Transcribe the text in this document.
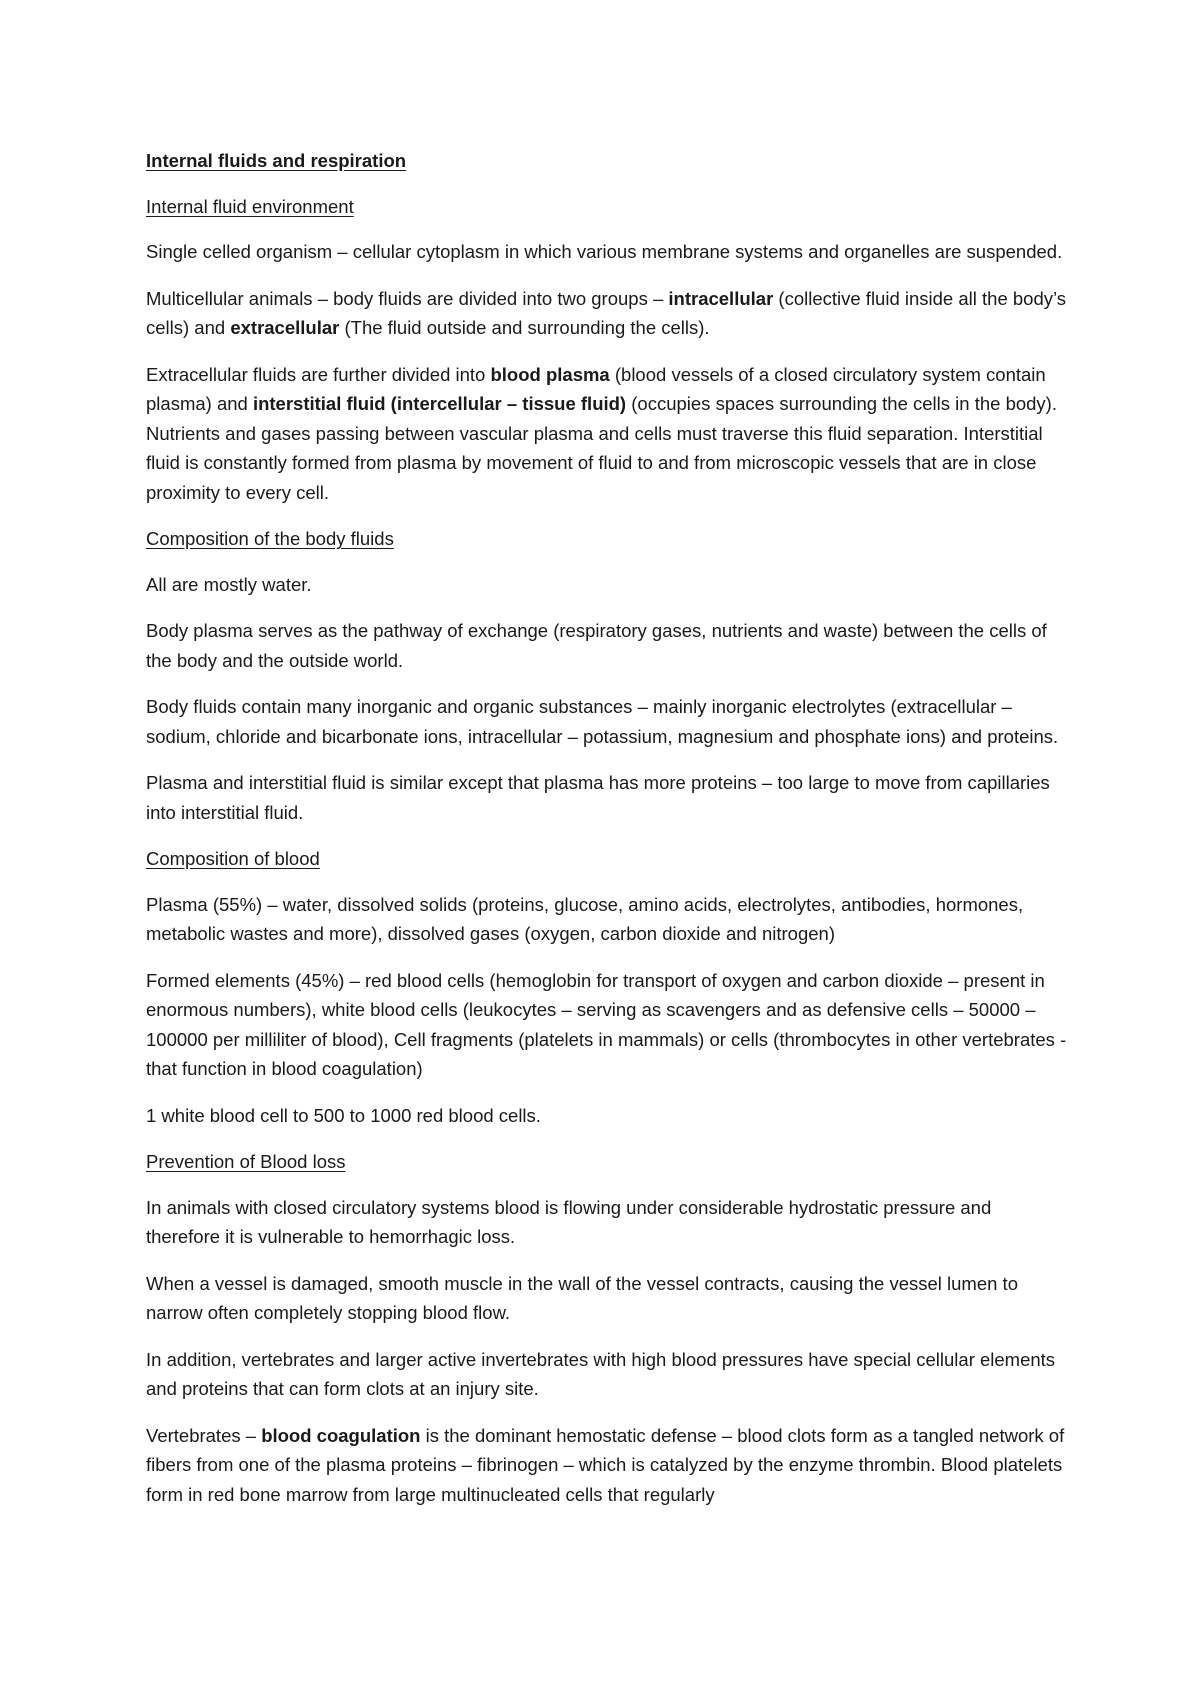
Internal fluids and respiration

Internal fluid environment

Single celled organism – cellular cytoplasm in which various membrane systems and organelles are suspended.

Multicellular animals – body fluids are divided into two groups – intracellular (collective fluid inside all the body’s cells) and extracellular (The fluid outside and surrounding the cells).

Extracellular fluids are further divided into blood plasma (blood vessels of a closed circulatory system contain plasma) and interstitial fluid (intercellular – tissue fluid) (occupies spaces surrounding the cells in the body). Nutrients and gases passing between vascular plasma and cells must traverse this fluid separation. Interstitial fluid is constantly formed from plasma by movement of fluid to and from microscopic vessels that are in close proximity to every cell.

Composition of the body fluids

All are mostly water.

Body plasma serves as the pathway of exchange (respiratory gases, nutrients and waste) between the cells of the body and the outside world.

Body fluids contain many inorganic and organic substances – mainly inorganic electrolytes (extracellular – sodium, chloride and bicarbonate ions, intracellular – potassium, magnesium and phosphate ions) and proteins.

Plasma and interstitial fluid is similar except that plasma has more proteins – too large to move from capillaries into interstitial fluid.

Composition of blood

Plasma (55%) – water, dissolved solids (proteins, glucose, amino acids, electrolytes, antibodies, hormones, metabolic wastes and more), dissolved gases (oxygen, carbon dioxide and nitrogen)

Formed elements (45%) – red blood cells (hemoglobin for transport of oxygen and carbon dioxide – present in enormous numbers), white blood cells (leukocytes – serving as scavengers and as defensive cells – 50000 – 100000 per milliliter of blood), Cell fragments (platelets in mammals) or cells (thrombocytes in other vertebrates - that function in blood coagulation)

1 white blood cell to 500 to 1000 red blood cells.

Prevention of Blood loss

In animals with closed circulatory systems blood is flowing under considerable hydrostatic pressure and therefore it is vulnerable to hemorrhagic loss.

When a vessel is damaged, smooth muscle in the wall of the vessel contracts, causing the vessel lumen to narrow often completely stopping blood flow.

In addition, vertebrates and larger active invertebrates with high blood pressures have special cellular elements and proteins that can form clots at an injury site.

Vertebrates – blood coagulation is the dominant hemostatic defense – blood clots form as a tangled network of fibers from one of the plasma proteins – fibrinogen – which is catalyzed by the enzyme thrombin. Blood platelets form in red bone marrow from large multinucleated cells that regularly
